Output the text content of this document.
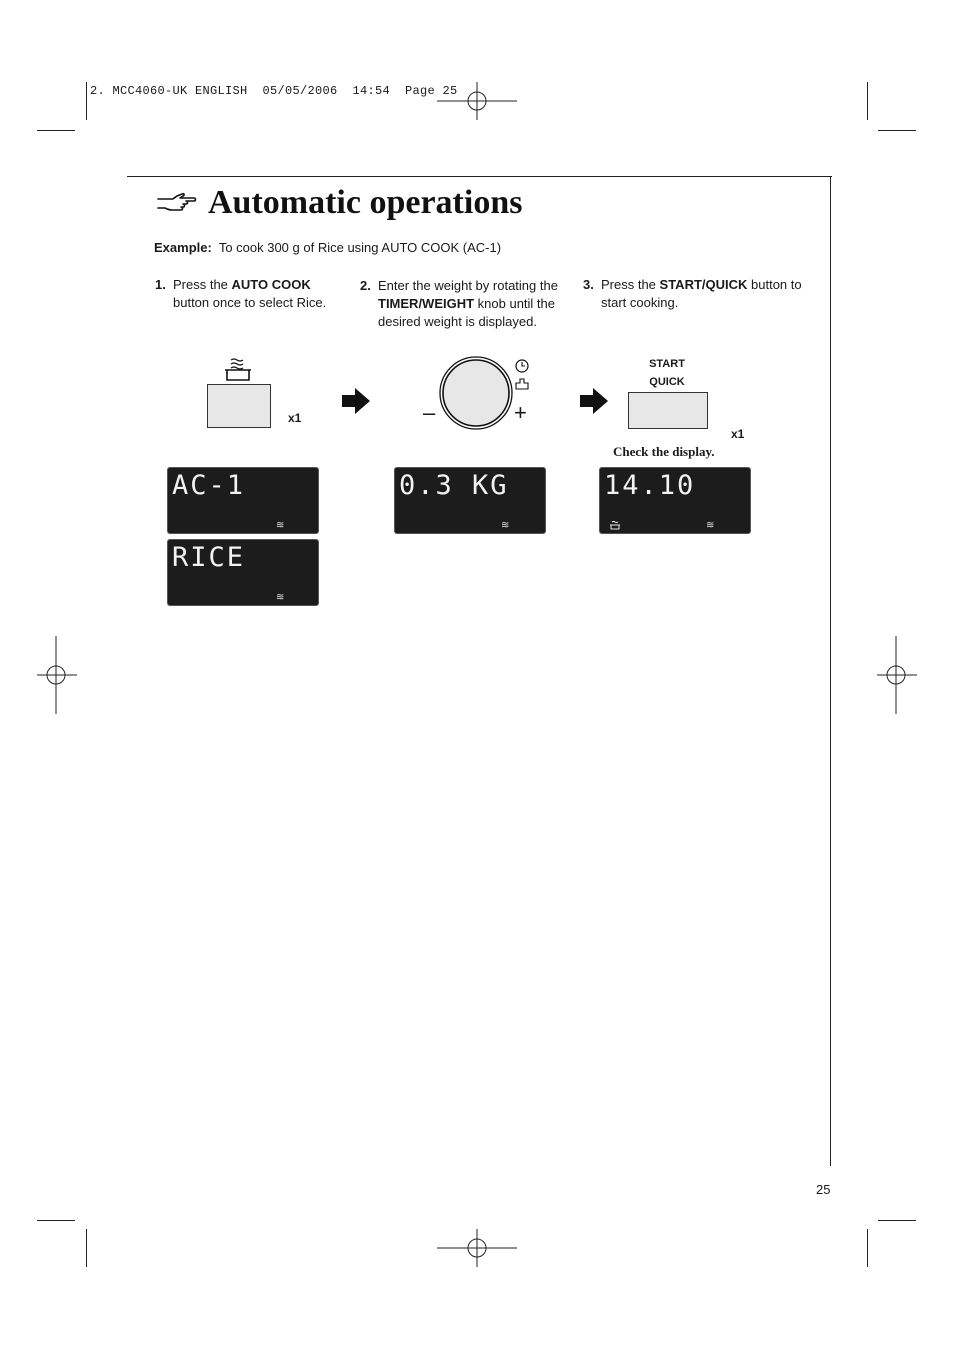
2. MCC4060-UK ENGLISH  05/05/2006  14:54  Page 25
Automatic operations
Example: To cook 300 g of Rice using AUTO COOK (AC-1)
1. Press the AUTO COOK button once to select Rice.
2. Enter the weight by rotating the TIMER/WEIGHT knob until the desired weight is displayed.
3. Press the START/QUICK button to start cooking.
x1	–	+
START
QUICK
x1
Check the display.
AC-1
≋
RICE
≋
0.3 KG
≋
14.10
≋
25
